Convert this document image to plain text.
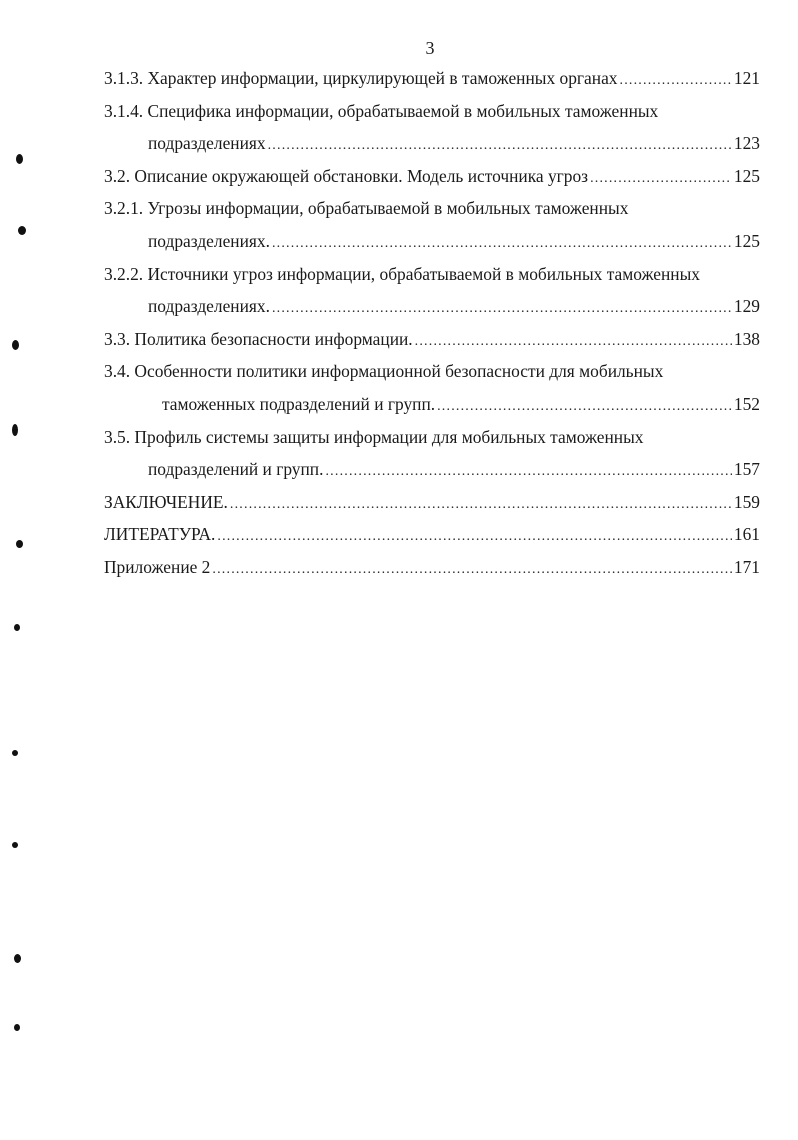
3
3.1.3. Характер информации, циркулирующей в таможенных органах .....	121
3.1.4. Специфика информации, обрабатываемой в мобильных таможенных
подразделениях .....	123
3.2. Описание окружающей обстановки. Модель источника угроз .....	125
3.2.1. Угрозы информации, обрабатываемой в мобильных таможенных
подразделениях. .....	125
3.2.2. Источники угроз информации, обрабатываемой в мобильных таможенных
подразделениях. .....	129
3.3. Политика безопасности информации. .....	138
3.4. Особенности политики информационной безопасности для мобильных
таможенных подразделений и групп. .....	152
3.5. Профиль системы защиты информации для мобильных таможенных
подразделений и групп. .....	157
ЗАКЛЮЧЕНИЕ. .....	159
ЛИТЕРАТУРА. .....	161
Приложение 2 .....	171
